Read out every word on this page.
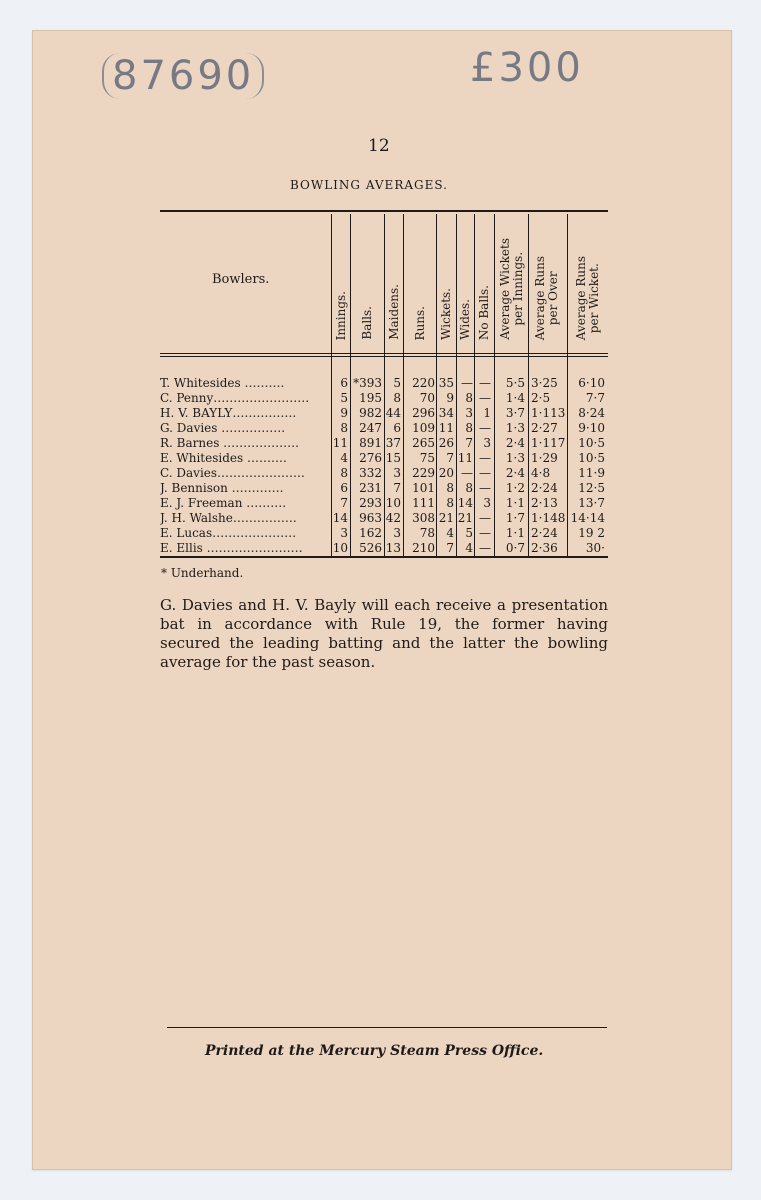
87690	£300
12
BOWLING AVERAGES.
Bowlers.
Innings. Balls. Maidens. Runs. Wickets. Wides. No Balls. Average Wickets
per Innings.
Average Runs
per Over
Average Runs
per Wicket.
T. Whitesides ……….	6 *393 5 220 35 — —	5·5 3·25	6·10
C. Penny……………………	5 195 8	70 9 8 —	1·4 2·5	7·7
H. V. BAYLY…………….	9 982 44 296 34 3 1	3·7 1·113	8·24
G. Davies …………….	8 247 6 109 11 8 —	1·3 2·27	9·10
R. Barnes ……………….	11 891 37 265 26 7 3	2·4 1·117	10·5
E. Whitesides ……….	4 276 15	75 7 11 —	1·3 1·29	10·5
C. Davies………………….	8 332 3 229 20 — —	2·4 4·8	11·9
J. Bennison ………….	6 231 7 101 8 8 —	1·2 2·24	12·5
E. J. Freeman ……….	7 293 10 111 8 14 3	1·1 2·13	13·7
J. H. Walshe…………….	14 963 42 308 21 21 —	1·7 1·148 14·14
E. Lucas…………………	3 162 3	78 4 5 —	1·1 2·24	19 2
E. Ellis ……………………	10 526 13 210 7 4 —	0·7 2·36	30·
* Underhand.
G. Davies and H. V. Bayly will each receive a presentation bat in accordance with Rule 19, the former having secured the leading batting and the latter the bowling average for the past season.
Printed at the Mercury Steam Press Office.
